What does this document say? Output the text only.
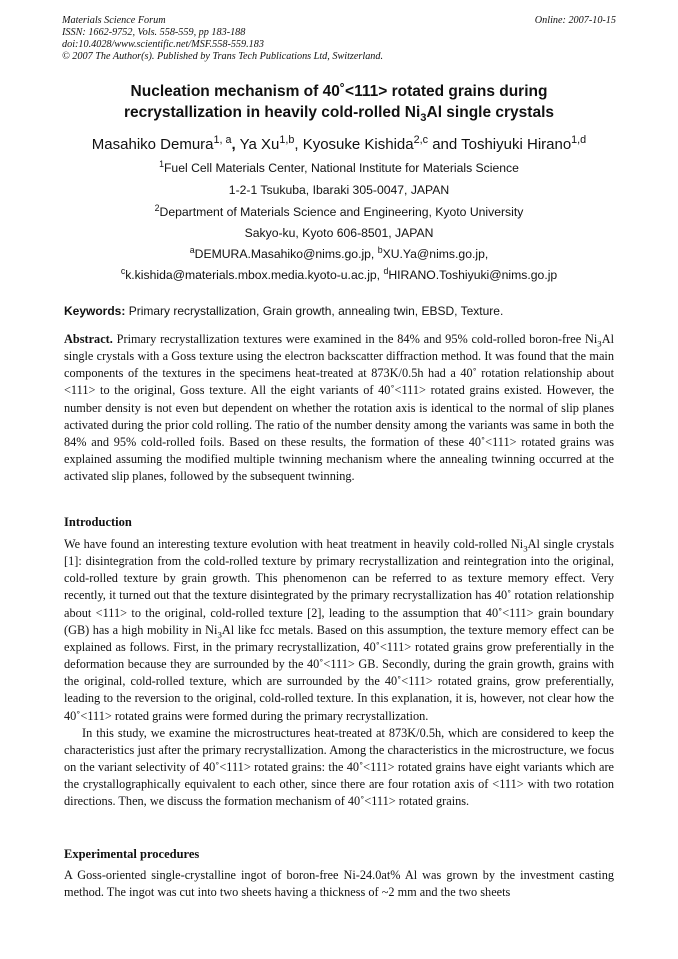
Materials Science Forum
ISSN: 1662-9752, Vols. 558-559, pp 183-188
doi:10.4028/www.scientific.net/MSF.558-559.183
© 2007 The Author(s). Published by Trans Tech Publications Ltd, Switzerland.
Online: 2007-10-15
Nucleation mechanism of 40˚<111> rotated grains during
recrystallization in heavily cold-rolled $Ni_3Al$ single crystals
Masahiko Demura$^{1, a}$, Ya Xu$^{1,b}$, Kyosuke Kishida$^{2,c}$ and Toshiyuki Hirano$^{1,d}$
$^1$Fuel Cell Materials Center, National Institute for Materials Science
1-2-1 Tsukuba, Ibaraki 305-0047, JAPAN
$^2$Department of Materials Science and Engineering, Kyoto University
Sakyo-ku, Kyoto 606-8501, JAPAN
$^a$DEMURA.Masahiko@nims.go.jp, $^b$XU.Ya@nims.go.jp,
$^c$k.kishida@materials.mbox.media.kyoto-u.ac.jp, $^d$HIRANO.Toshiyuki@nims.go.jp
Keywords: Primary recrystallization, Grain growth, annealing twin, EBSD, Texture.
Abstract. Primary recrystallization textures were examined in the 84% and 95% cold-rolled boron-free $Ni_3Al$ single crystals with a Goss texture using the electron backscatter diffraction method. It was found that the main components of the textures in the specimens heat-treated at 873K/0.5h had a 40˚ rotation relationship about <111> to the original, Goss texture. All the eight variants of 40˚<111> rotated grains existed. However, the number density is not even but dependent on whether the rotation axis is identical to the normal of slip planes activated during the prior cold rolling. The ratio of the number density among the variants was same in both the 84% and 95% cold-rolled foils. Based on these results, the formation of these 40˚<111> rotated grains was explained assuming the modified multiple twinning mechanism where the annealing twinning occurred at the activated slip planes, followed by the subsequent twinning.
Introduction

We have found an interesting texture evolution with heat treatment in heavily cold-rolled $Ni_3Al$ single crystals [1]: disintegration from the cold-rolled texture by primary recrystallization and reintegration into the original, cold-rolled texture by grain growth. This phenomenon can be referred to as texture memory effect. Very recently, it turned out that the texture disintegrated by the primary recrystallization has 40˚ rotation relationship about <111> to the original, cold-rolled texture [2], leading to the assumption that 40˚<111> grain boundary (GB) has a high mobility in $Ni_3Al$ like fcc metals. Based on this assumption, the texture memory effect can be explained as follows. First, in the primary recrystallization, 40˚<111> rotated grains grow preferentially in the deformation because they are surrounded by the 40˚<111> GB. Secondly, during the grain growth, grains with the original, cold-rolled texture, which are surrounded by the 40˚<111> rotated grains, grow preferentially, leading to the reversion to the original, cold-rolled texture. In this explanation, it is, however, not clear how the 40˚<111> rotated grains were formed during the primary recrystallization.

In this study, we examine the microstructures heat-treated at 873K/0.5h, which are considered to keep the characteristics just after the primary recrystallization. Among the characteristics in the microstructure, we focus on the variant selectivity of 40˚<111> rotated grains: the 40˚<111> rotated grains have eight variants which are the crystallographically equivalent to each other, since there are four rotation axis of <111> with two rotation directions. Then, we discuss the formation mechanism of 40˚<111> rotated grains.

Experimental procedures
A Goss-oriented single-crystalline ingot of boron-free Ni-24.0at% Al was grown by the investment casting method. The ingot was cut into two sheets having a thickness of ~2 mm and the two sheets
